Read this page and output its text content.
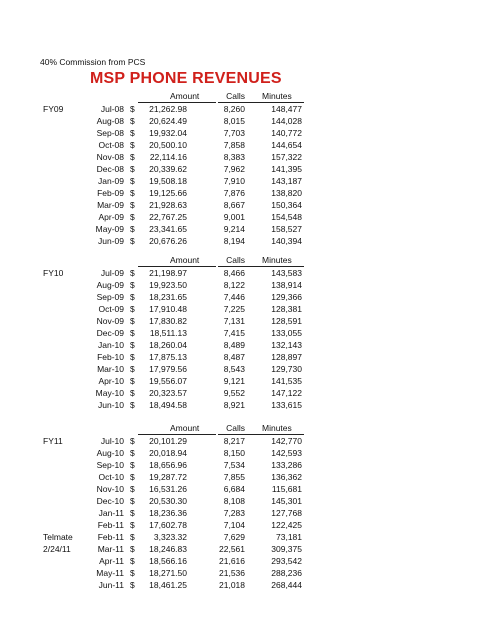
40% Commission from PCS
MSP PHONE REVENUES
Amount	Calls Minutes
FY09	Jul-08 $ 21,262.98	8,260	148,477
Aug-08 $ 20,624.49	8,015	144,028
Sep-08 $ 19,932.04	7,703	140,772
Oct-08 $ 20,500.10	7,858	144,654
Nov-08 $ 22,114.16	8,383	157,322
Dec-08 $ 20,339.62	7,962	141,395
Jan-09 $ 19,508.18	7,910	143,187
Feb-09 $ 19,125.66	7,876	138,820
Mar-09 $ 21,928.63	8,667	150,364
Apr-09 $ 22,767.25	9,001	154,548
May-09 $ 23,341.65	9,214	158,527
Jun-09 $ 20,676.26	8,194	140,394
Amount	Calls Minutes
FY10	Jul-09 $ 21,198.97	8,466	143,583
Aug-09 $ 19,923.50	8,122	138,914
Sep-09 $ 18,231.65	7,446	129,366
Oct-09 $ 17,910.48	7,225	128,381
Nov-09 $ 17,830.82	7,131	128,591
Dec-09 $ 18,511.13	7,415	133,055
Jan-10 $ 18,260.04	8,489	132,143
Feb-10 $ 17,875.13	8,487	128,897
Mar-10 $ 17,979.56	8,543	129,730
Apr-10 $ 19,556.07	9,121	141,535
May-10 $ 20,323.57	9,552	147,122
Jun-10 $ 18,494.58	8,921	133,615
Amount	Calls Minutes
FY11	Jul-10 $ 20,101.29	8,217	142,770
Aug-10 $ 20,018.94	8,150	142,593
Sep-10 $ 18,656.96	7,534	133,286
Oct-10 $ 19,287.72	7,855	136,362
Nov-10 $ 16,531.26	6,684	115,681
Dec-10 $ 20,530.30	8,108	145,301
Jan-11 $ 18,236.36	7,283	127,768
Feb-11 $ 17,602.78	7,104	122,425
Telmate	Feb-11 $ 3,323.32	7,629	73,181
2/24/11	Mar-11 $ 18,246.83	22,561	309,375
Apr-11 $ 18,566.16	21,616	293,542
May-11 $ 18,271.50	21,536	288,236
Jun-11 $ 18,461.25	21,018	268,444
